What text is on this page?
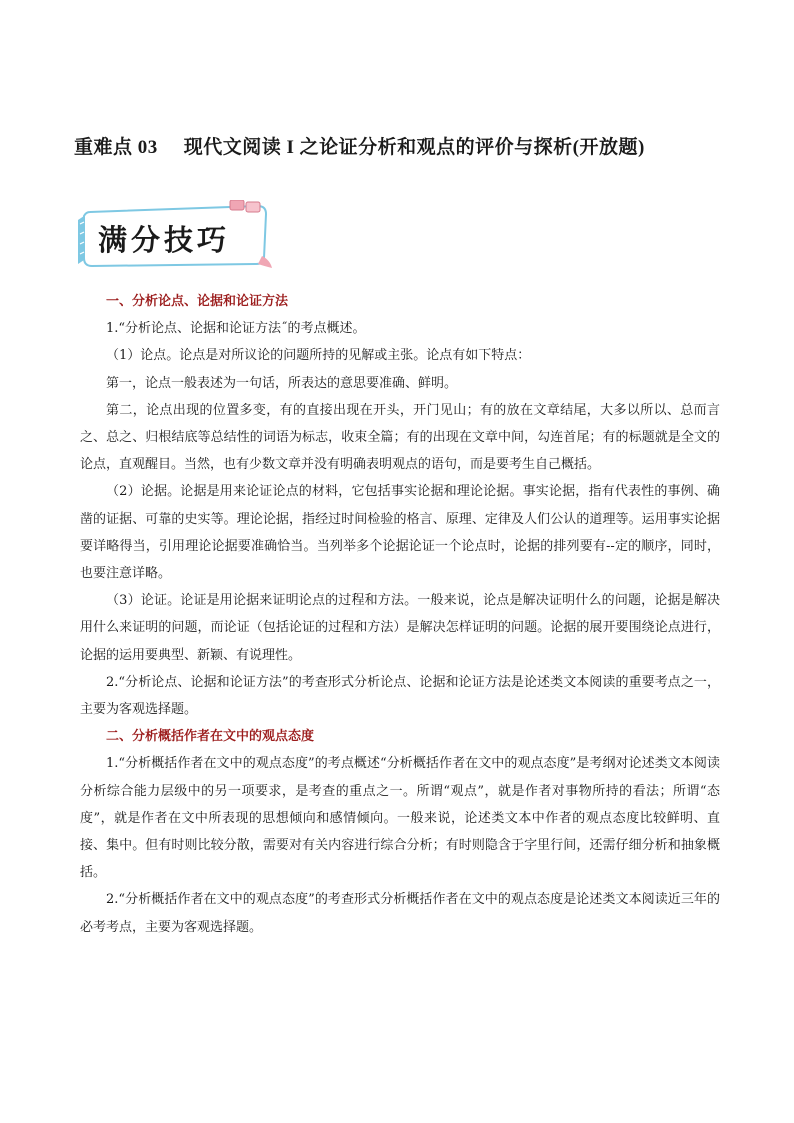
重难点 03 现代文阅读 I 之论证分析和观点的评价与探析(开放题)
满分技巧

一、分析论点、论据和论证方法

1.“分析论点、论据和论证方法˝的考点概述。

（1）论点。论点是对所议论的问题所持的见解或主张。论点有如下特点：

第一，论点一般表述为一句话，所表达的意思要准确、鲜明。

第二，论点出现的位置多变，有的直接出现在开头，开门见山；有的放在文章结尾，大多以所以、总而言之、总之、归根结底等总结性的词语为标志，收束全篇；有的出现在文章中间，勾连首尾；有的标题就是全文的论点，直观醒目。当然，也有少数文章并没有明确表明观点的语句，而是要考生自己概括。

（2）论据。论据是用来论证论点的材料，它包括事实论据和理论论据。事实论据，指有代表性的事例、确凿的证据、可靠的史实等。理论论据，指经过时间检验的格言、原理、定律及人们公认的道理等。运用事实论据要详略得当，引用理论论据要准确恰当。当列举多个论据论证一个论点时，论据的排列要有--定的顺序，同时，也要注意详略。

（3）论证。论证是用论据来证明论点的过程和方法。一般来说，论点是解决证明什么的问题，论据是解决用什么来证明的问题，而论证（包括论证的过程和方法）是解决怎样证明的问题。论据的展开要围绕论点进行，论据的运用要典型、新颖、有说理性。

2.“分析论点、论据和论证方法”的考查形式分析论点、论据和论证方法是论述类文本阅读的重要考点之一，主要为客观选择题。

二、分析概括作者在文中的观点态度

1.“分析概括作者在文中的观点态度”的考点概述“分析概括作者在文中的观点态度”是考纲对论述类文本阅读分析综合能力层级中的另一项要求，是考查的重点之一。所谓“观点”，就是作者对事物所持的看法；所谓“态度”，就是作者在文中所表现的思想倾向和感情倾向。一般来说，论述类文本中作者的观点态度比较鲜明、直接、集中。但有时则比较分散，需要对有关内容进行综合分析；有时则隐含于字里行间，还需仔细分析和抽象概括。

2.“分析概括作者在文中的观点态度”的考查形式分析概括作者在文中的观点态度是论述类文本阅读近三年的必考考点，主要为客观选择题。
